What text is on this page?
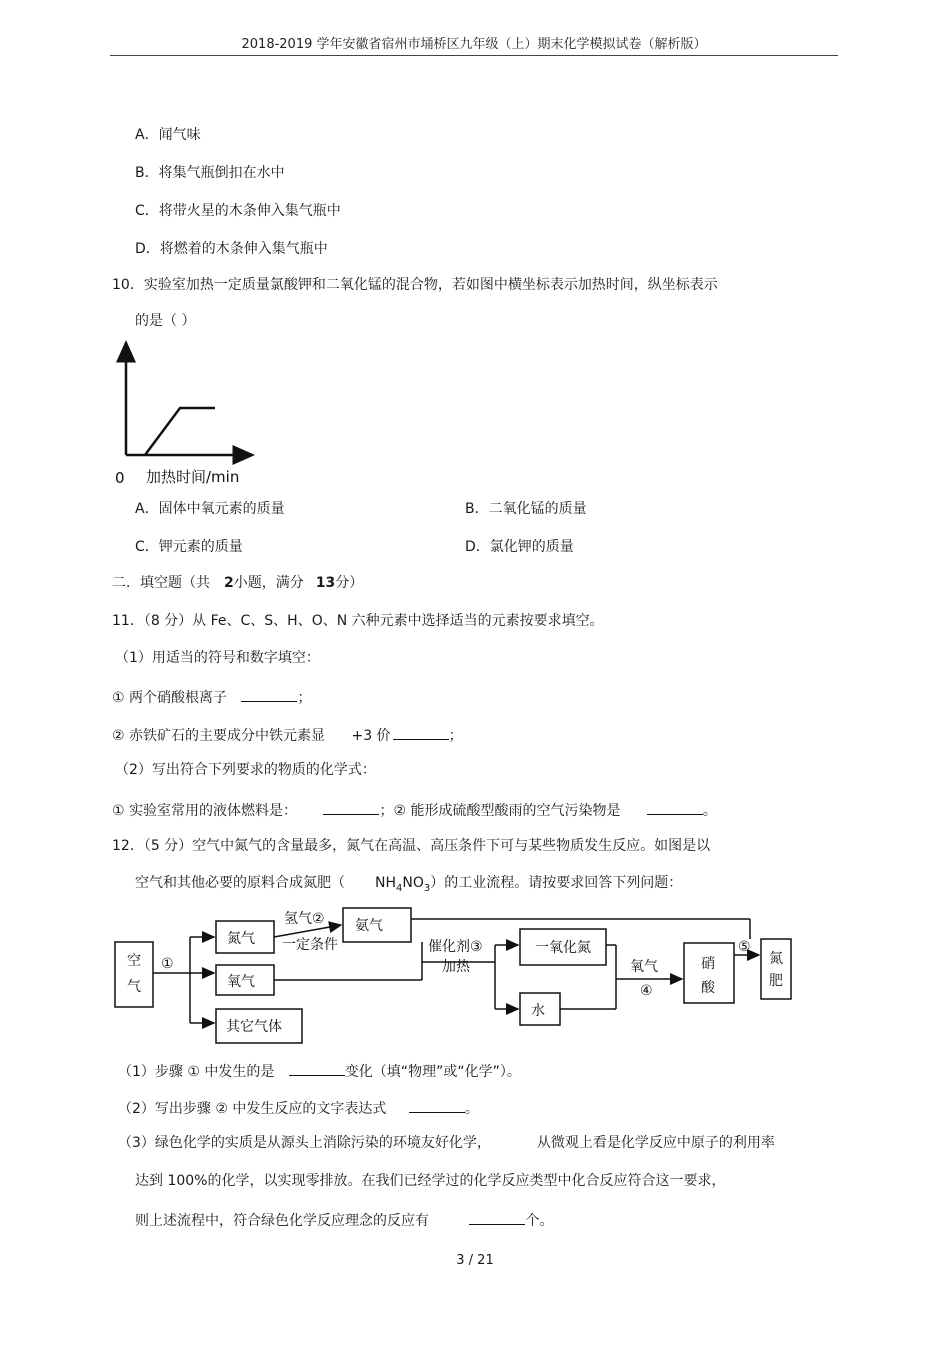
2018-2019 学年安徽省宿州市埇桥区九年级（上）期末化学模拟试卷（解析版）
A．闻气味
B．将集气瓶倒扣在水中
C．将带火星的木条伸入集气瓶中
D．将燃着的木条伸入集气瓶中
10．实验室加热一定质量氯酸钾和二氧化锰的混合物，若如图中横坐标表示加热时间，纵坐标表示
的是（ ）
0 加热时间/min
A．固体中氧元素的质量	B．二氧化锰的质量
C．钾元素的质量	D．氯化钾的质量
二．填空题（共 2小题，满分 13分）
11．（8 分）从 Fe、C、S、H、O、N 六种元素中选择适当的元素按要求填空。
（1）用适当的符号和数字填空：
① 两个硝酸根离子	；
② 赤铁矿石的主要成分中铁元素显 +3 价	；
（2）写出符合下列要求的物质的化学式：
① 实验室常用的液体燃料是：	；② 能形成硫酸型酸雨的空气污染物是	。
12．（5 分）空气中氮气的含量最多，氮气在高温、高压条件下可与某些物质发生反应。如图是以
空气和其他必要的原料合成氮肥（ $NH_4NO_3$）的工业流程。请按要求回答下列问题：
空
气
①
氮气
氧气
其它气体
氢气②
一定条件
氨气
催化剂③
加热
一氧化氮
水
氧气
④
硝
酸
⑤
氮
肥
（1）步骤 ① 中发生的是	变化（填“物理”或“化学”）。
（2）写出步骤 ② 中发生反应的文字表达式	。
（3）绿色化学的实质是从源头上消除污染的环境友好化学，	从微观上看是化学反应中原子的利用率
达到 100%的化学，以实现零排放。在我们已经学过的化学反应类型中化合反应符合这一要求，
则上述流程中，符合绿色化学反应理念的反应有	个。
3 / 21
